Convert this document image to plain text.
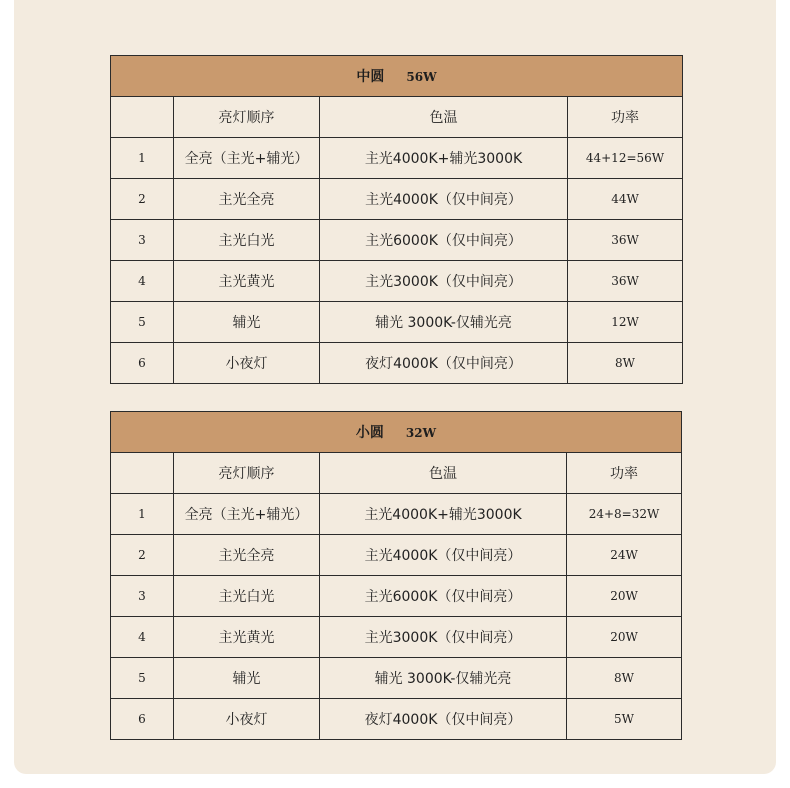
中圆 56W			
	亮灯顺序	色温	功率
1	全亮（主光+辅光）	主光4000K+辅光3000K	44+12=56W
2	主光全亮	主光4000K（仅中间亮）	44W
3	主光白光	主光6000K（仅中间亮）	36W
4	主光黄光	主光3000K（仅中间亮）	36W
5	辅光	辅光 3000K-仅辅光亮	12W
6	小夜灯	夜灯4000K（仅中间亮）	8W
小圆 32W			
	亮灯顺序	色温	功率
1	全亮（主光+辅光）	主光4000K+辅光3000K	24+8=32W
2	主光全亮	主光4000K（仅中间亮）	24W
3	主光白光	主光6000K（仅中间亮）	20W
4	主光黄光	主光3000K（仅中间亮）	20W
5	辅光	辅光 3000K-仅辅光亮	8W
6	小夜灯	夜灯4000K（仅中间亮）	5W
